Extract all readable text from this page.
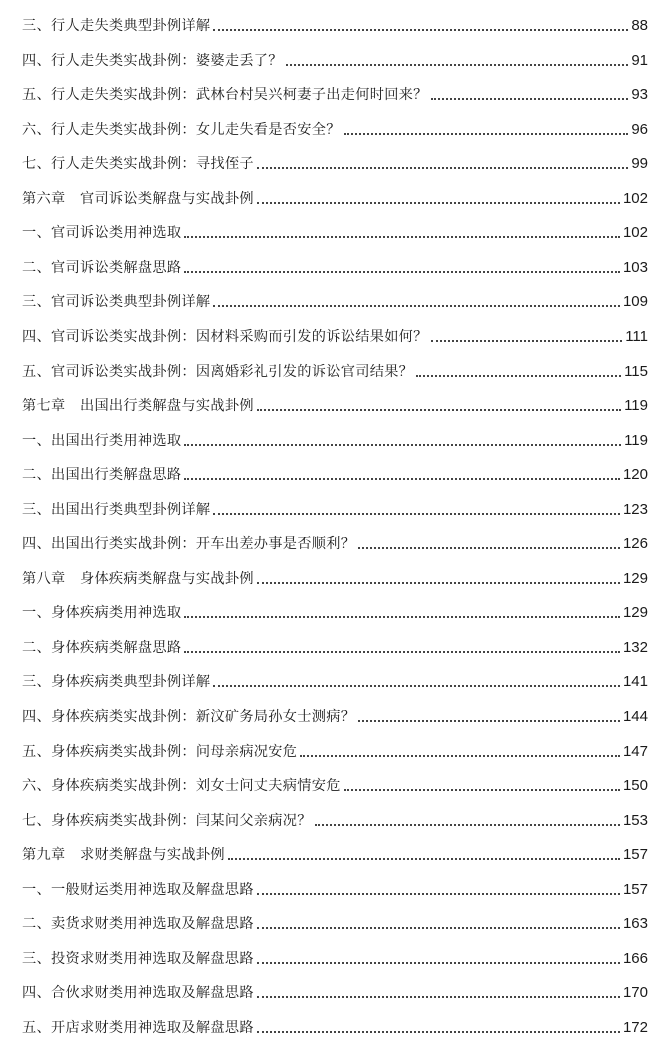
三、行人走失类典型卦例详解	88
四、行人走失类实战卦例：婆婆走丢了？	91
五、行人走失类实战卦例：武林台村吴兴柯妻子出走何时回来？	93
六、行人走失类实战卦例：女儿走失看是否安全？	96
七、行人走失类实战卦例：寻找侄子	99
第六章　官司诉讼类解盘与实战卦例	102
一、官司诉讼类用神选取	102
二、官司诉讼类解盘思路	103
三、官司诉讼类典型卦例详解	109
四、官司诉讼类实战卦例：因材料采购而引发的诉讼结果如何？	111
五、官司诉讼类实战卦例：因离婚彩礼引发的诉讼官司结果？	115
第七章　出国出行类解盘与实战卦例	119
一、出国出行类用神选取	119
二、出国出行类解盘思路	120
三、出国出行类典型卦例详解	123
四、出国出行类实战卦例：开车出差办事是否顺利？	126
第八章　身体疾病类解盘与实战卦例	129
一、身体疾病类用神选取	129
二、身体疾病类解盘思路	132
三、身体疾病类典型卦例详解	141
四、身体疾病类实战卦例：新汶矿务局孙女士测病？	144
五、身体疾病类实战卦例：问母亲病况安危	147
六、身体疾病类实战卦例：刘女士问丈夫病情安危	150
七、身体疾病类实战卦例：闫某问父亲病况？	153
第九章　求财类解盘与实战卦例	157
一、一般财运类用神选取及解盘思路	157
二、卖货求财类用神选取及解盘思路	163
三、投资求财类用神选取及解盘思路	166
四、合伙求财类用神选取及解盘思路	170
五、开店求财类用神选取及解盘思路	172
